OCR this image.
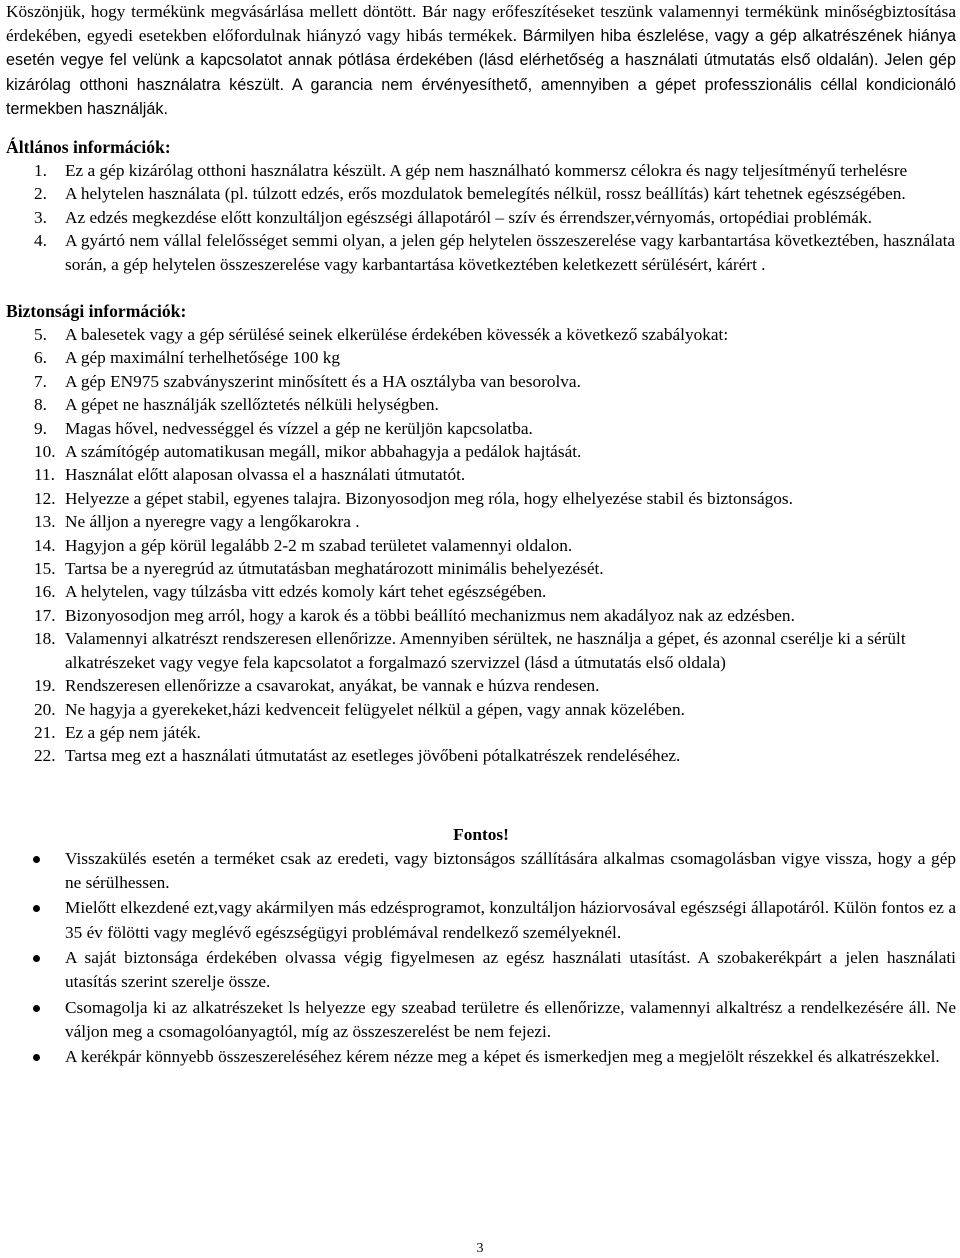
Köszönjük, hogy termékünk megvásárlása mellett döntött. Bár nagy erőfeszítéseket teszünk valamennyi termékünk minőségbiztosítása érdekében, egyedi esetekben előfordulnak hiányzó vagy hibás termékek. Bármilyen hiba észlelése, vagy a gép alkatrészének hiánya esetén vegye fel velünk a kapcsolatot annak pótlása érdekében (lásd elérhetőség a használati útmutatás első oldalán). Jelen gép kizárólag otthoni használatra készült. A garancia nem érvényesíthető, amennyiben a gépet professzionális céllal kondicionáló termekben használják.

Áltlános információk:
1. Ez a gép kizárólag otthoni használatra készült. A gép nem használható kommersz célokra és nagy teljesítményű terhelésre
2. A helytelen használata (pl. túlzott edzés, erős mozdulatok bemelegítés nélkül, rossz beállítás) kárt tehetnek egészségében.
3. Az edzés megkezdése előtt konzultáljon egészségi állapotáról – szív és érrendszer,vérnyomás, ortopédiai problémák.
4. A gyártó nem vállal felelősséget semmi olyan, a jelen gép helytelen összeszerelése vagy karbantartása következtében, használata során, a gép helytelen összeszerelése vagy karbantartása következtében keletkezett sérülésért, kárért .
Biztonsági információk:
5. A balesetek vagy a gép sérülésé seinek elkerülése érdekében kövessék a következő szabályokat:
6. A gép maximální terhelhetősége 100 kg
7. A gép EN975 szabványszerint minősített és a HA osztályba van besorolva.
8. A gépet ne használják szellőztetés nélküli helységben.
9. Magas hővel, nedvességgel és vízzel a gép ne kerüljön kapcsolatba.
10. A számítógép automatikusan megáll, mikor abbahagyja a pedálok hajtását.
11. Használat előtt alaposan olvassa el a használati útmutatót.
12. Helyezze a gépet stabil, egyenes talajra. Bizonyosodjon meg róla, hogy elhelyezése stabil és biztonságos.
13. Ne álljon a nyeregre vagy a lengőkarokra .
14. Hagyjon a gép körül legalább 2-2 m szabad területet valamennyi oldalon.
15. Tartsa be a nyeregrúd az útmutatásban meghatározott minimális behelyezését.
16. A helytelen, vagy túlzásba vitt edzés komoly kárt tehet egészségében.
17. Bizonyosodjon meg arról, hogy a karok és a többi beállító mechanizmus nem akadályoz nak az edzésben.
18. Valamennyi alkatrészt rendszeresen ellenőrizze. Amennyiben sérültek, ne használja a gépet, és azonnal cserélje ki a sérült alkatrészeket vagy vegye fela kapcsolatot a forgalmazó szervizzel (lásd a útmutatás első oldala)
19. Rendszeresen ellenőrizze a csavarokat, anyákat, be vannak e húzva rendesen.
20. Ne hagyja a gyerekeket,házi kedvenceit felügyelet nélkül a gépen, vagy annak közelében.
21. Ez a gép nem játék.
22. Tartsa meg ezt a használati útmutatást az esetleges jövőbeni pótalkatrészek rendeléséhez.
Fontos!
Visszakülés esetén a terméket csak az eredeti, vagy biztonságos szállítására alkalmas csomagolásban vigye vissza, hogy a gép ne sérülhessen.
Mielőtt elkezdené ezt,vagy akármilyen más edzésprogramot, konzultáljon háziorvosával egészségi állapotáról. Külön fontos ez a 35 év fölötti vagy meglévő egészségügyi problémával rendelkező személyeknél.
A saját biztonsága érdekében olvassa végig figyelmesen az egész használati utasítást. A szobakerékpárt a jelen használati utasítás szerint szerelje össze.
Csomagolja ki az alkatrészeket ls helyezze egy szeabad területre és ellenőrizze, valamennyi alkaltrész a rendelkezésére áll. Ne váljon meg a csomagolóanyagtól, míg az összeszerelést be nem fejezi.
A kerékpár könnyebb összeszereléséhez kérem nézze meg a képet és ismerkedjen meg a megjelölt részekkel és alkatrészekkel.
3
